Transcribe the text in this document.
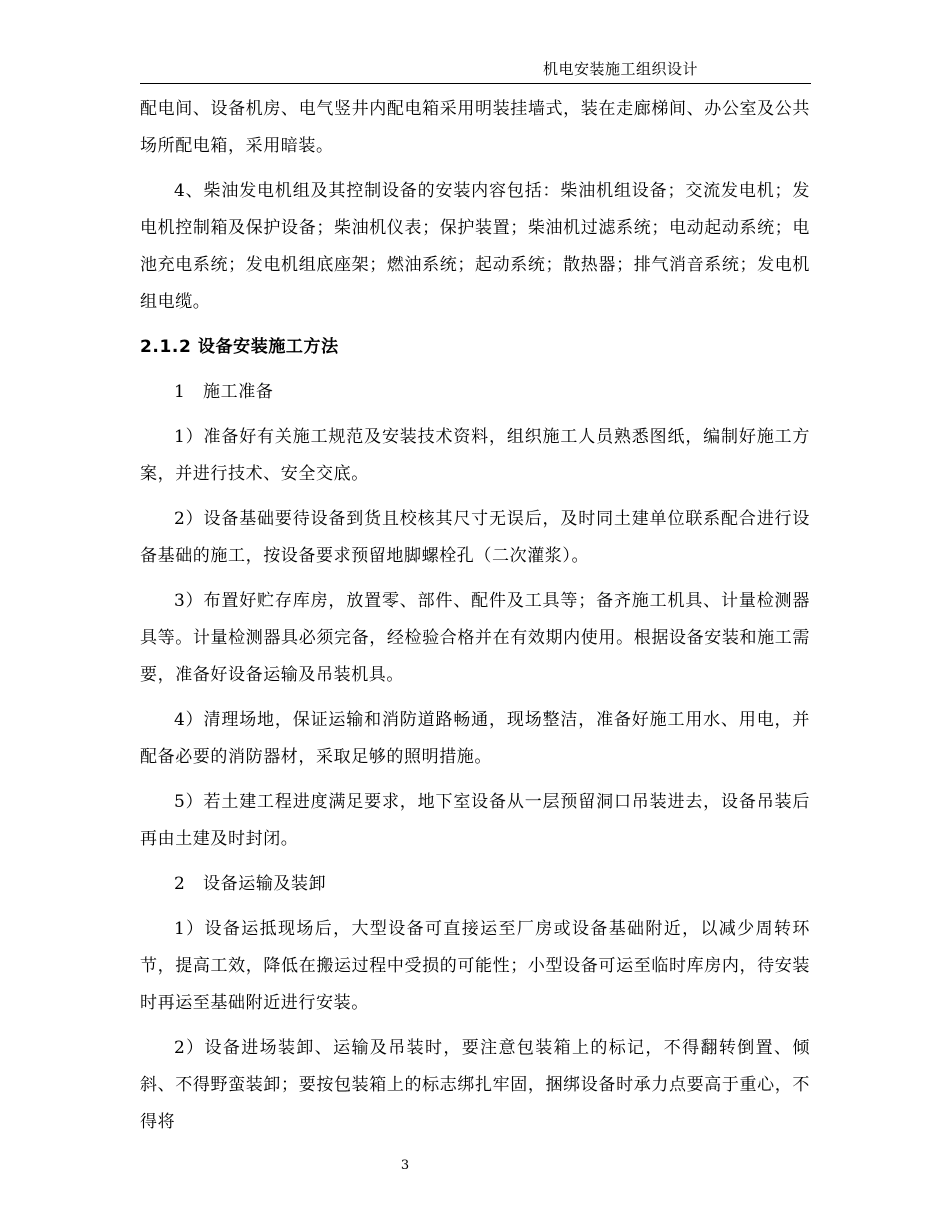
机电安装施工组织设计

配电间、设备机房、电气竖井内配电箱采用明装挂墙式，装在走廊梯间、办公室及公共场所配电箱，采用暗装。

4、柴油发电机组及其控制设备的安装内容包括：柴油机组设备；交流发电机；发电机控制箱及保护设备；柴油机仪表；保护装置；柴油机过滤系统；电动起动系统；电池充电系统；发电机组底座架；燃油系统；起动系统；散热器；排气消音系统；发电机组电缆。

2.1.2 设备安装施工方法

1　施工准备

1）准备好有关施工规范及安装技术资料，组织施工人员熟悉图纸，编制好施工方案，并进行技术、安全交底。

2）设备基础要待设备到货且校核其尺寸无误后，及时同土建单位联系配合进行设备基础的施工，按设备要求预留地脚螺栓孔（二次灌浆）。

3）布置好贮存库房，放置零、部件、配件及工具等；备齐施工机具、计量检测器具等。计量检测器具必须完备，经检验合格并在有效期内使用。根据设备安装和施工需要，准备好设备运输及吊装机具。

4）清理场地，保证运输和消防道路畅通，现场整洁，准备好施工用水、用电，并配备必要的消防器材，采取足够的照明措施。

5）若土建工程进度满足要求，地下室设备从一层预留洞口吊装进去，设备吊装后再由土建及时封闭。

2　设备运输及装卸

1）设备运抵现场后，大型设备可直接运至厂房或设备基础附近，以减少周转环节，提高工效，降低在搬运过程中受损的可能性；小型设备可运至临时库房内，待安装时再运至基础附近进行安装。

2）设备进场装卸、运输及吊装时，要注意包装箱上的标记，不得翻转倒置、倾斜、不得野蛮装卸；要按包装箱上的标志绑扎牢固，捆绑设备时承力点要高于重心，不得将

3
